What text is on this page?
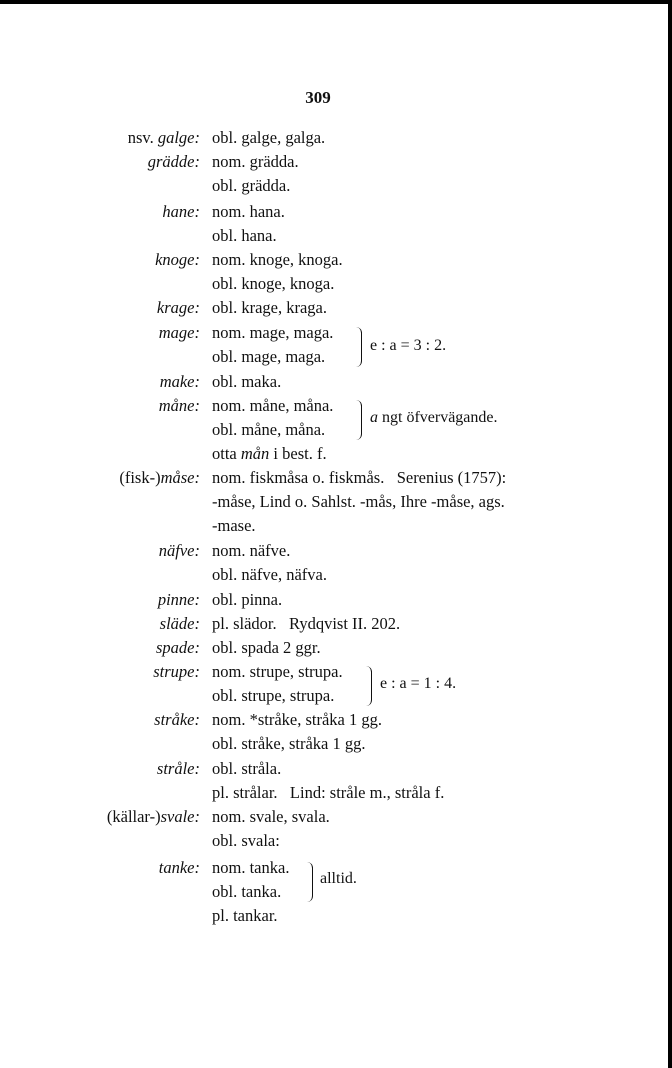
309
nsv. galge: obl. galge, galga.
grädde: nom. grädda.
obl. grädda.
hane: nom. hana.
obl. hana.
knoge: nom. knoge, knoga.
obl. knoge, knoga.
krage: obl. krage, kraga.
mage: nom. mage, maga.
obl. mage, maga.
e : a = 3 : 2.
make: obl. maka.
måne: nom. måne, måna.
obl. måne, måna.
a ngt öfvervägande.
otta mån i best. f.
(fisk-)måse: nom. fiskmåsa o. fiskmås.   Serenius (1757):
-måse, Lind o. Sahlst. -mås, Ihre -måse, ags.
-mase.
näfve: nom. näfve.
obl. näfve, näfva.
pinne: obl. pinna.
släde: pl. slädor.   Rydqvist II. 202.
spade: obl. spada 2 ggr.
strupe: nom. strupe, strupa.
obl. strupe, strupa.
e : a = 1 : 4.
stråke: nom. *stråke, stråka 1 gg.
obl. stråke, stråka 1 gg.
stråle: obl. stråla.
pl. strålar.   Lind: stråle m., stråla f.
(källar-)svale: nom. svale, svala.
obl. svala:
tanke: nom. tanka.
obl. tanka.
alltid.
pl. tankar.
